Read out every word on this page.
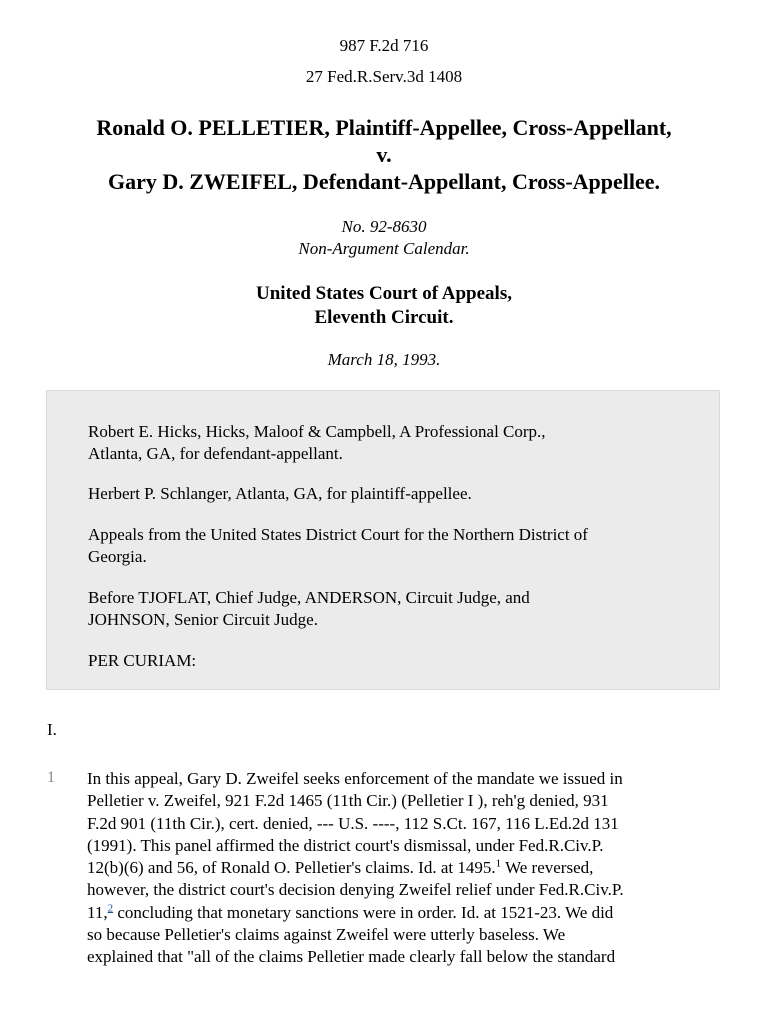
987 F.2d 716
27 Fed.R.Serv.3d 1408
Ronald O. PELLETIER, Plaintiff-Appellee, Cross-Appellant,
v.
Gary D. ZWEIFEL, Defendant-Appellant, Cross-Appellee.
No. 92-8630
Non-Argument Calendar.
United States Court of Appeals,
Eleventh Circuit.
March 18, 1993.

Robert E. Hicks, Hicks, Maloof & Campbell, A Professional Corp.,
Atlanta, GA, for defendant-appellant.

Herbert P. Schlanger, Atlanta, GA, for plaintiff-appellee.

Appeals from the United States District Court for the Northern District of
Georgia.

Before TJOFLAT, Chief Judge, ANDERSON, Circuit Judge, and
JOHNSON, Senior Circuit Judge.

PER CURIAM:

I.
1 In this appeal, Gary D. Zweifel seeks enforcement of the mandate we issued in
Pelletier v. Zweifel, 921 F.2d 1465 (11th Cir.) (Pelletier I ), reh'g denied, 931
F.2d 901 (11th Cir.), cert. denied, --- U.S. ----, 112 S.Ct. 167, 116 L.Ed.2d 131
(1991). This panel affirmed the district court's dismissal, under Fed.R.Civ.P.
12(b)(6) and 56, of Ronald O. Pelletier's claims. Id. at 1495.$^1$ We reversed,
however, the district court's decision denying Zweifel relief under Fed.R.Civ.P.
11,$^2$ concluding that monetary sanctions were in order. Id. at 1521-23. We did
so because Pelletier's claims against Zweifel were utterly baseless. We
explained that "all of the claims Pelletier made clearly fall below the standard
